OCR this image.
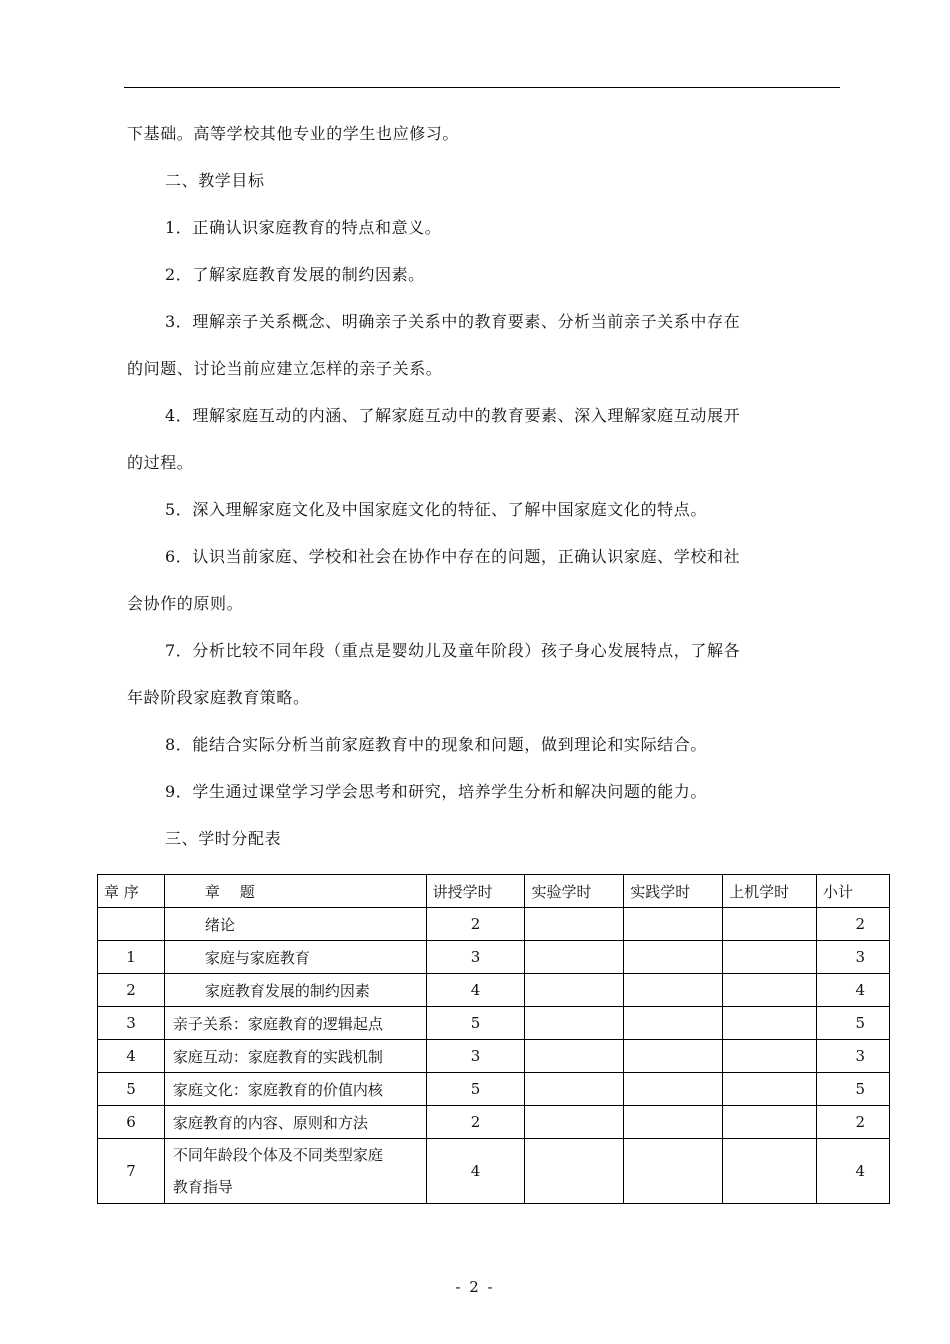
下基础。高等学校其他专业的学生也应修习。
二、教学目标
1．正确认识家庭教育的特点和意义。
2．了解家庭教育发展的制约因素。
3．理解亲子关系概念、明确亲子关系中的教育要素、分析当前亲子关系中存在
的问题、讨论当前应建立怎样的亲子关系。
4．理解家庭互动的内涵、了解家庭互动中的教育要素、深入理解家庭互动展开
的过程。
5．深入理解家庭文化及中国家庭文化的特征、了解中国家庭文化的特点。
6．认识当前家庭、学校和社会在协作中存在的问题，正确认识家庭、学校和社
会协作的原则。
7．分析比较不同年段（重点是婴幼儿及童年阶段）孩子身心发展特点，了解各
年龄阶段家庭教育策略。
8．能结合实际分析当前家庭教育中的现象和问题，做到理论和实际结合。
9．学生通过课堂学习学会思考和研究，培养学生分析和解决问题的能力。
三、学时分配表
章 序	章　 题	讲授学时	实验学时	实践学时	上机学时	小计
	绪论	2				2
1	家庭与家庭教育	3				3
2	家庭教育发展的制约因素	4				4
3	亲子关系：家庭教育的逻辑起点	5				5
4	家庭互动：家庭教育的实践机制	3				3
5	家庭文化：家庭教育的价值内核	5				5
6	家庭教育的内容、原则和方法	2				2
7	不同年龄段个体及不同类型家庭
教育指导	4				4
- 2 -
